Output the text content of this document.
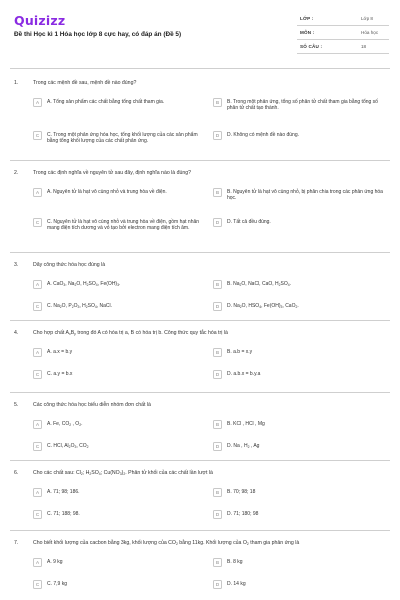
Quizizz
Đề thi Học kì 1 Hóa học lớp 8 cực hay, có đáp án (Đề 5)
LỚP :	Lớp 8
MÔN :	Hóa học
SỐ CÂU :	18
1.	Trong các mệnh đề sau, mệnh đề nào đúng?
A	A. Tổng sản phẩm các chất bằng tổng chất tham gia.	B	B. Trong một phản ứng, tổng số phân tử chất tham gia bằng tổng số phân tử chất tạo thành.
C	C. Trong một phản ứng hóa học, tổng khối lượng của các sản phẩm bằng tổng khối lượng của các chất phản ứng.
D	D. Không có mệnh đề nào đúng.
2.	Trong các định nghĩa về nguyên tử sau đây, định nghĩa nào là đúng?
A	A. Nguyên tử là hạt vô cùng nhỏ và trung hòa về điện.	B	B. Nguyên tử là hạt vô cùng nhỏ, bị phân chia trong các phản ứng hóa học.
C	C. Nguyên tử là hạt vô cùng nhỏ và trung hòa về điện, gồm hạt nhân mang điện tích dương và vỏ tạo bởi electron mang điện tích âm.
D	D. Tất cả đều đúng.
3.	Dãy công thức hóa học đúng là
A	A. CaO$_3$, $Na_2O$, $H_2SO_4$, $Fe(OH)_3$.	B	B. $Na_2O$, NaCl, CaO, $H_2SO_4$.
C	C. $Na_2O$, $P_2O_3$, $H_2SO_4$, NaCl.	D	D. $Na_2O$, $HSO_4$, $Fe(OH)_3$, CaO$_2$.
4.	Cho hợp chất $A_xB_y$ trong đó A có hóa trị a, B có hóa trị b. Công thức quy tắc hóa trị là
A	A. a.x = b.y	B	B. a.b = x.y
C	C. a.y = b.x	D	D. a.b.x = b.y.a
5.	Các công thức hóa học biểu diễn nhóm đơn chất là
A	A. Fe, $CO_2$ , $O_2$.	B	B. KCl , HCl , Mg
C	C. HCl, $Al_2O_3$, $CO_2$	D	D. Na , $H_2$ , Ag
6.	Cho các chất sau: $Cl_2$; $H_2SO_4$; $Cu(NO_3)_2$. Phân tử khối của các chất lần lượt là
A	A. 71; 98; 186.	B	B. 70; 98; 18
C	C. 71; 188; 98.	D	D. 71; 180; 98
7.	Cho biết khối lượng của cacbon bằng 3kg, khối lượng của $CO_2$ bằng 11kg. Khối lượng của $O_2$ tham gia phản ứng là
A	A. 9 kg	B	B. 8 kg
C	C. 7,9 kg	D	D. 14 kg
